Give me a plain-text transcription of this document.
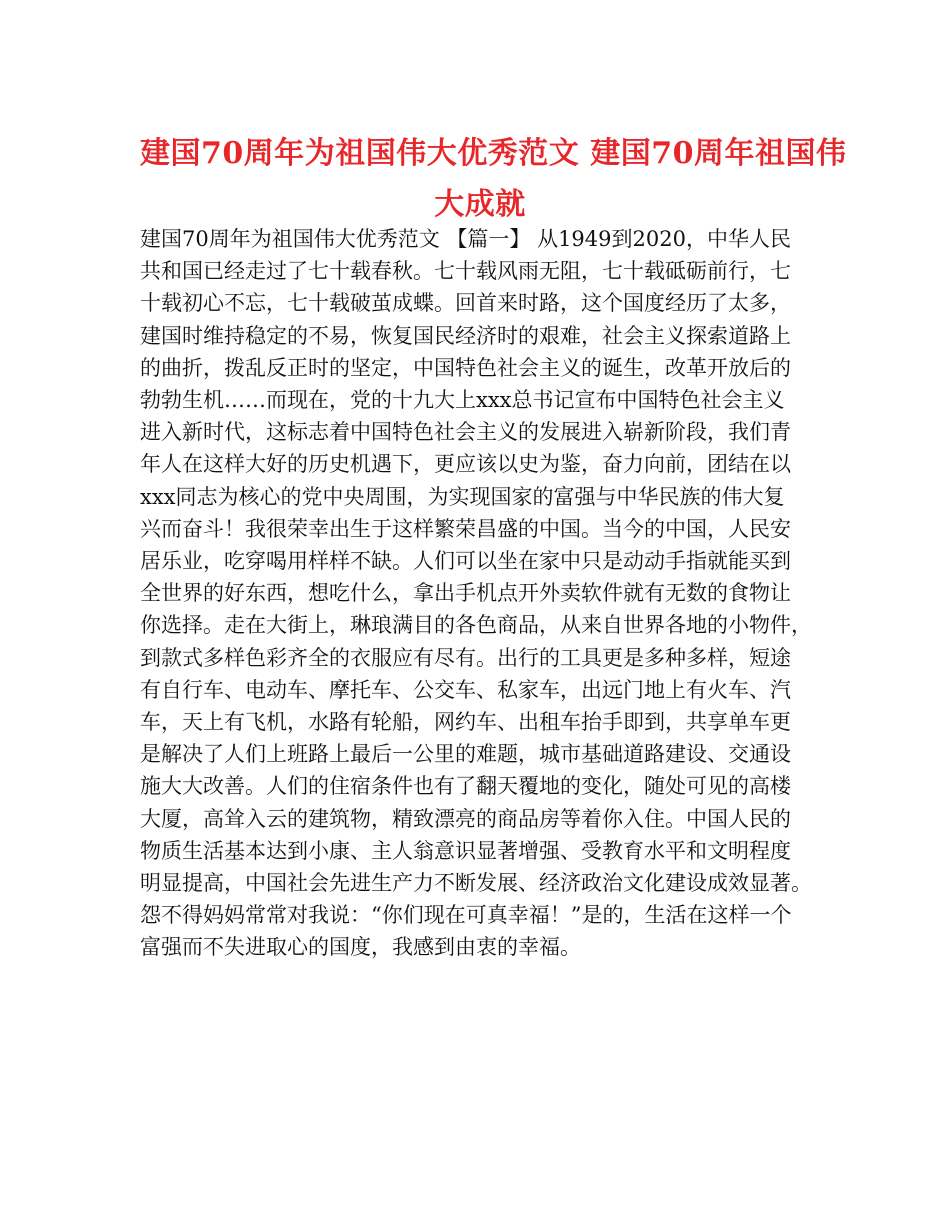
建国70周年为祖国伟大优秀范文 建国70周年祖国伟
大成就
建国70周年为祖国伟大优秀范文 【篇一】 从1949到2020，中华人民
共和国已经走过了七十载春秋。七十载风雨无阻，七十载砥砺前行，七
十载初心不忘，七十载破茧成蝶。回首来时路，这个国度经历了太多，
建国时维持稳定的不易，恢复国民经济时的艰难，社会主义探索道路上
的曲折，拨乱反正时的坚定，中国特色社会主义的诞生，改革开放后的
勃勃生机……而现在，党的十九大上xxx总书记宣布中国特色社会主义
进入新时代，这标志着中国特色社会主义的发展进入崭新阶段，我们青
年人在这样大好的历史机遇下，更应该以史为鉴，奋力向前，团结在以
xxx同志为核心的党中央周围，为实现国家的富强与中华民族的伟大复
兴而奋斗！我很荣幸出生于这样繁荣昌盛的中国。当今的中国，人民安
居乐业，吃穿喝用样样不缺。人们可以坐在家中只是动动手指就能买到
全世界的好东西，想吃什么，拿出手机点开外卖软件就有无数的食物让
你选择。走在大街上，琳琅满目的各色商品，从来自世界各地的小物件，
到款式多样色彩齐全的衣服应有尽有。出行的工具更是多种多样，短途
有自行车、电动车、摩托车、公交车、私家车，出远门地上有火车、汽
车，天上有飞机，水路有轮船，网约车、出租车抬手即到，共享单车更
是解决了人们上班路上最后一公里的难题，城市基础道路建设、交通设
施大大改善。人们的住宿条件也有了翻天覆地的变化，随处可见的高楼
大厦，高耸入云的建筑物，精致漂亮的商品房等着你入住。中国人民的
物质生活基本达到小康、主人翁意识显著增强、受教育水平和文明程度
明显提高，中国社会先进生产力不断发展、经济政治文化建设成效显著。
怨不得妈妈常常对我说：“你们现在可真幸福！”是的，生活在这样一个
富强而不失进取心的国度，我感到由衷的幸福。
